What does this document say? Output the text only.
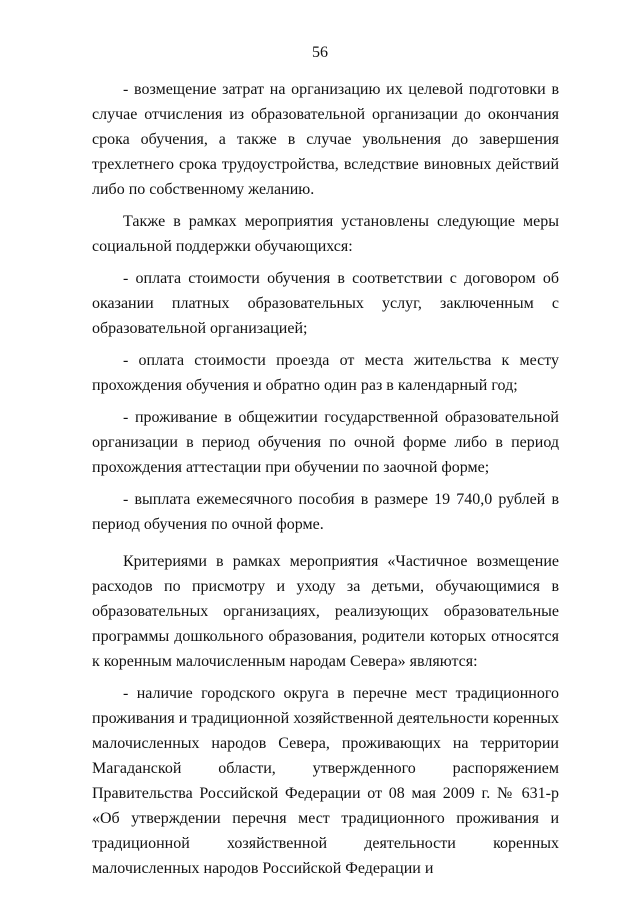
56

- возмещение затрат на организацию их целевой подготовки в случае отчисления из образовательной организации до окончания срока обучения, а также в случае увольнения до завершения трехлетнего срока трудоустройства, вследствие виновных действий либо по собственному желанию.

Также в рамках мероприятия установлены следующие меры социальной поддержки обучающихся:

- оплата стоимости обучения в соответствии с договором об оказании платных образовательных услуг, заключенным с образовательной организацией;

- оплата стоимости проезда от места жительства к месту прохождения обучения и обратно один раз в календарный год;

- проживание в общежитии государственной образовательной организации в период обучения по очной форме либо в период прохождения аттестации при обучении по заочной форме;

- выплата ежемесячного пособия в размере 19 740,0 рублей в период обучения по очной форме.

Критериями в рамках мероприятия «Частичное возмещение расходов по присмотру и уходу за детьми, обучающимися в образовательных организациях, реализующих образовательные программы дошкольного образования, родители которых относятся к коренным малочисленным народам Севера» являются:

- наличие городского округа в перечне мест традиционного проживания и традиционной хозяйственной деятельности коренных малочисленных народов Севера, проживающих на территории Магаданской области, утвержденного распоряжением Правительства Российской Федерации от 08 мая 2009 г. № 631-р «Об утверждении перечня мест традиционного проживания и традиционной хозяйственной деятельности коренных малочисленных народов Российской Федерации и
